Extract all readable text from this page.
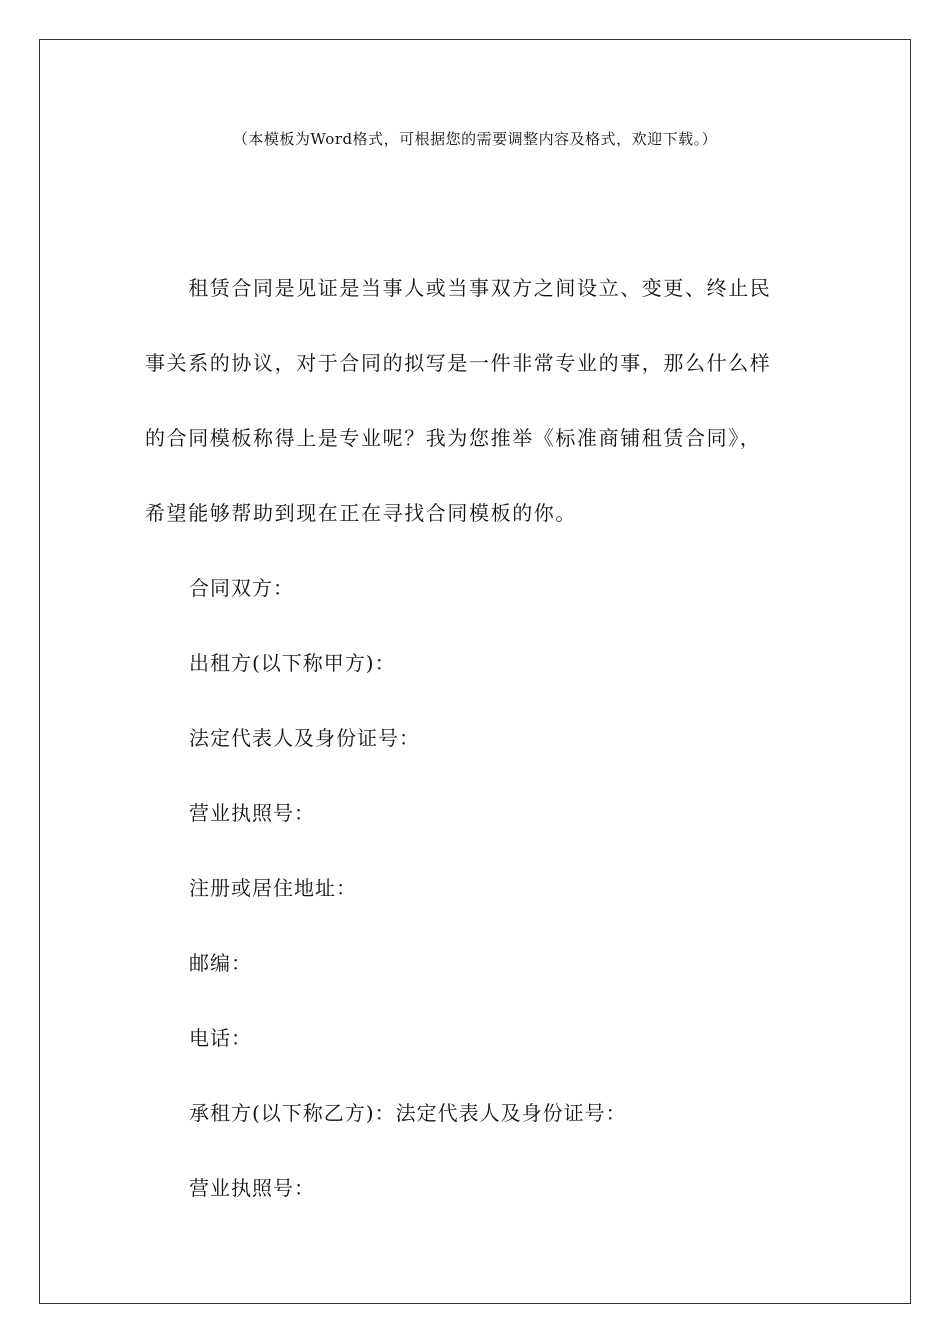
（本模板为Word格式，可根据您的需要调整内容及格式，欢迎下载。）
　　租赁合同是见证是当事人或当事双方之间设立、变更、终止民
事关系的协议，对于合同的拟写是一件非常专业的事，那么什么样
的合同模板称得上是专业呢？我为您推举《标准商铺租赁合同》，
希望能够帮助到现在正在寻找合同模板的你。
合同双方：
出租方(以下称甲方)：
法定代表人及身份证号：
营业执照号：
注册或居住地址：
邮编：
电话：
承租方(以下称乙方)：法定代表人及身份证号：
营业执照号：
